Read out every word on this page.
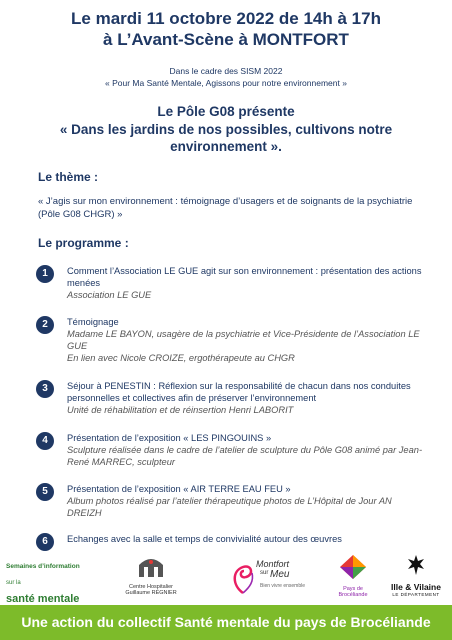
Le mardi 11 octobre 2022 de 14h à 17h
à L’Avant-Scène à MONTFORT
Dans le cadre des SISM 2022
« Pour Ma Santé Mentale, Agissons pour notre environnement »
Le Pôle G08 présente
« Dans les jardins de nos possibles, cultivons notre environnement ».
Le thème :
« J’agis sur mon environnement : témoignage d’usagers et de soignants de la psychiatrie (Pôle G08 CHGR) »
Le programme :
1	Comment l’Association LE GUE agit sur son environnement : présentation des actions menées
Association LE GUE
2	Témoignage
Madame LE BAYON, usagère de la psychiatrie et Vice-Présidente de l’Association LE GUE
En lien avec Nicole CROIZE, ergothérapeute au CHGR
3	Séjour à PENESTIN : Réflexion sur la responsabilité de chacun dans nos conduites personnelles et collectives afin de préserver l’environnement
Unité de réhabilitation et de réinsertion Henri LABORIT
4	Présentation de l’exposition « LES PINGOUINS »
Sculpture réalisée dans le cadre de l’atelier de sculpture du Pôle G08 animé par Jean-René MARREC, sculpteur
5	Présentation de l’exposition « AIR TERRE EAU FEU »
Album photos réalisé par l’atelier thérapeutique photos de L’Hôpital de Jour AN DREIZH
6	Echanges avec la salle et temps de convivialité autour des œuvres
Semaines d’information
sur la santé mentale

Centre Hospitalier
Guillaume RÉGNIER
Montfort
sur Meu
Bien vivre ensemble	Pays de
Brocéliande
Ille & Vilaine
LE DÉPARTEMENT
Une action du collectif Santé mentale du pays de Brocéliande
